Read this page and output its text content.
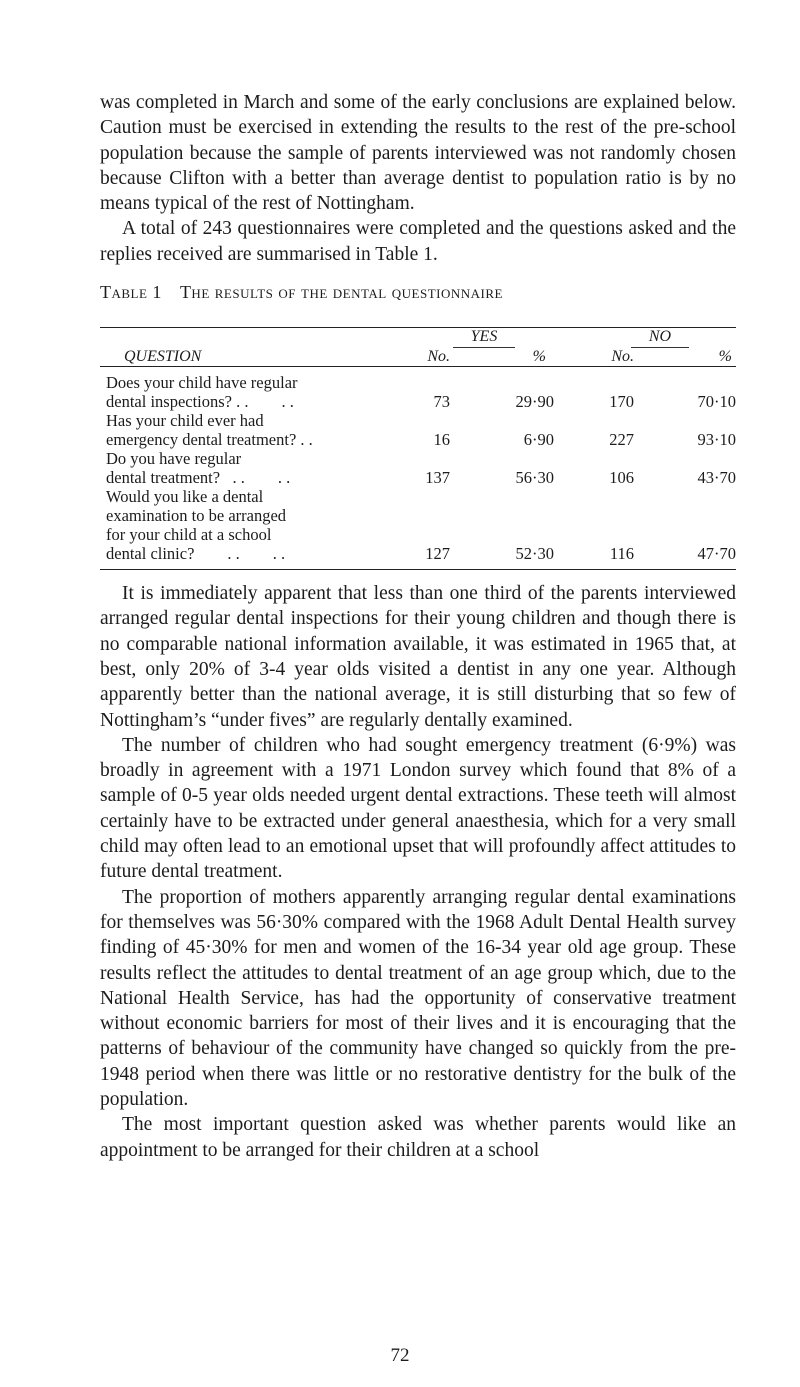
was completed in March and some of the early conclusions are explained below. Caution must be exercised in extending the results to the rest of the pre-school population because the sample of parents interviewed was not randomly chosen because Clifton with a better than average dentist to population ratio is by no means typical of the rest of Nottingham.

A total of 243 questionnaires were completed and the questions asked and the replies received are summarised in Table 1.

Table 1 The results of the dental questionnaire
	YES		NO	
QUESTION	No.	%	No.	%

Does your child have regular
dental inspections? . .        . .	73	29·90	170	70·10

Has your child ever had
emergency dental treatment? . .	16	6·90	227	93·10

Do you have regular
dental treatment?   . .        . .	137	56·30	106	43·70

Would you like a dental
examination to be arranged
for your child at a school
dental clinic?        . .        . .	127	52·30	116	47·70

It is immediately apparent that less than one third of the parents interviewed arranged regular dental inspections for their young children and though there is no comparable national information available, it was estimated in 1965 that, at best, only 20% of 3-4 year olds visited a dentist in any one year. Although apparently better than the national average, it is still disturbing that so few of Nottingham’s “under fives” are regularly dentally examined.

The number of children who had sought emergency treatment (6·9%) was broadly in agreement with a 1971 London survey which found that 8% of a sample of 0-5 year olds needed urgent dental extractions. These teeth will almost certainly have to be extracted under general anaesthesia, which for a very small child may often lead to an emotional upset that will profoundly affect attitudes to future dental treatment.

The proportion of mothers apparently arranging regular dental examinations for themselves was 56·30% compared with the 1968 Adult Dental Health survey finding of 45·30% for men and women of the 16-34 year old age group. These results reflect the attitudes to dental treatment of an age group which, due to the National Health Service, has had the opportunity of conservative treatment without economic barriers for most of their lives and it is encouraging that the patterns of behaviour of the community have changed so quickly from the pre-1948 period when there was little or no restorative dentistry for the bulk of the population.

The most important question asked was whether parents would like an appointment to be arranged for their children at a school

72
